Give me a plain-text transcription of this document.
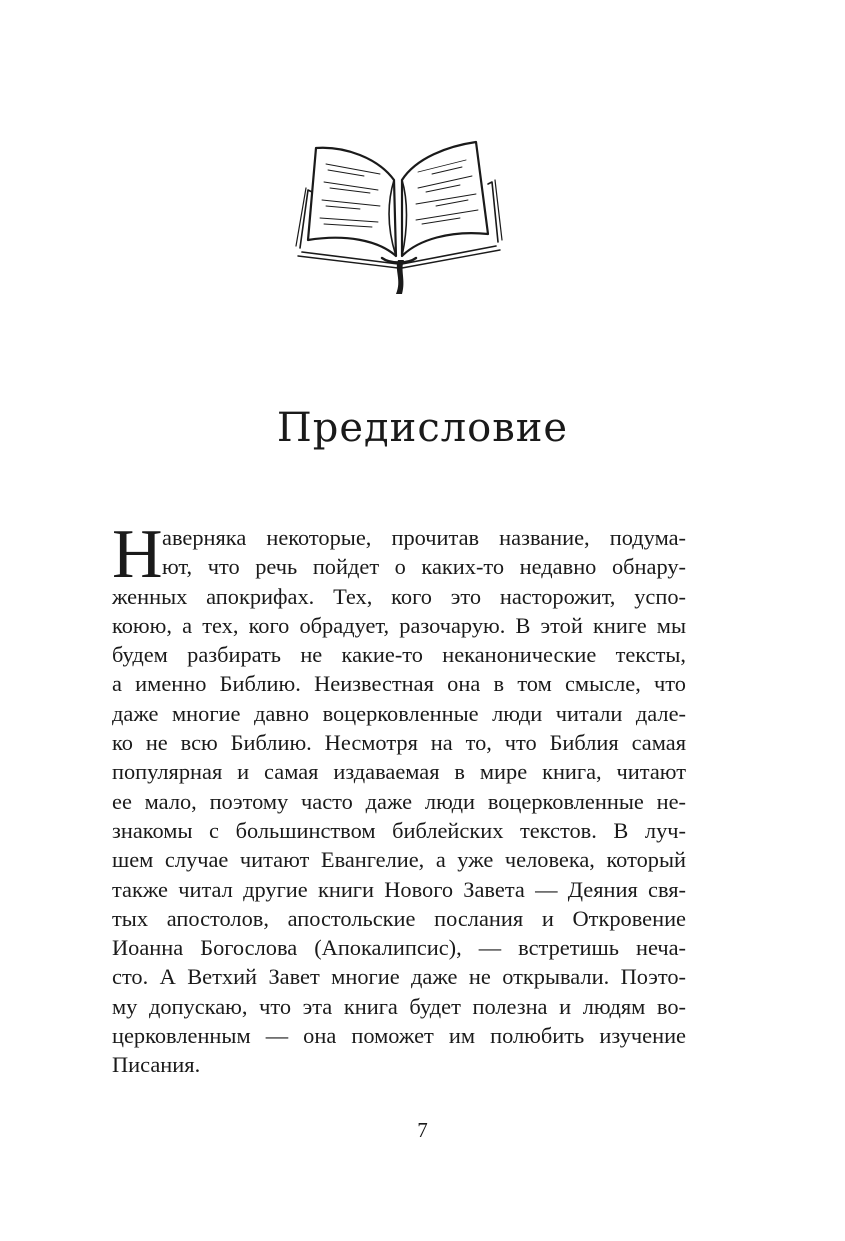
Предисловие
Н аверняка некоторые, прочитав название, подума-
ют, что речь пойдет о каких-то недавно обнару-
женных апокрифах. Тех, кого это насторожит, успо-
коюю, а тех, кого обрадует, разочарую. В этой книге мы
будем разбирать не какие-то неканонические тексты,
а именно Библию. Неизвестная она в том смысле, что
даже многие давно воцерковленные люди читали дале-
ко не всю Библию. Несмотря на то, что Библия самая
популярная и самая издаваемая в мире книга, читают
ее мало, поэтому часто даже люди воцерковленные не-
знакомы с большинством библейских текстов. В луч-
шем случае читают Евангелие, а уже человека, который
также читал другие книги Нового Завета — Деяния свя-
тых апостолов, апостольские послания и Откровение
Иоанна Богослова (Апокалипсис), — встретишь неча-
сто. А Ветхий Завет многие даже не открывали. Поэто-
му допускаю, что эта книга будет полезна и людям во-
церковленным — она поможет им полюбить изучение
Писания.
7
